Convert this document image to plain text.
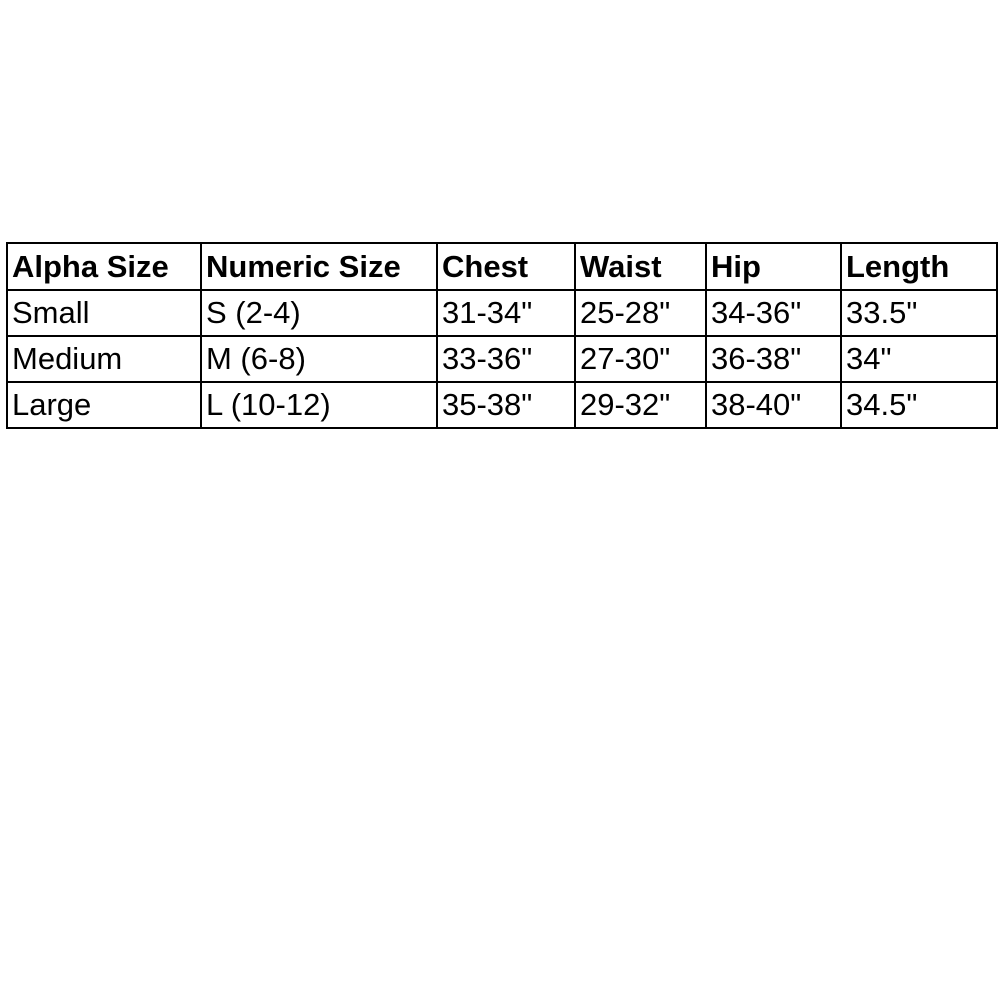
Alpha Size	Numeric Size	Chest	Waist	Hip	Length
Small	S (2-4)	31-34"	25-28"	34-36"	33.5"
Medium	M (6-8)	33-36"	27-30"	36-38"	34"
Large	L (10-12)	35-38"	29-32"	38-40"	34.5"
